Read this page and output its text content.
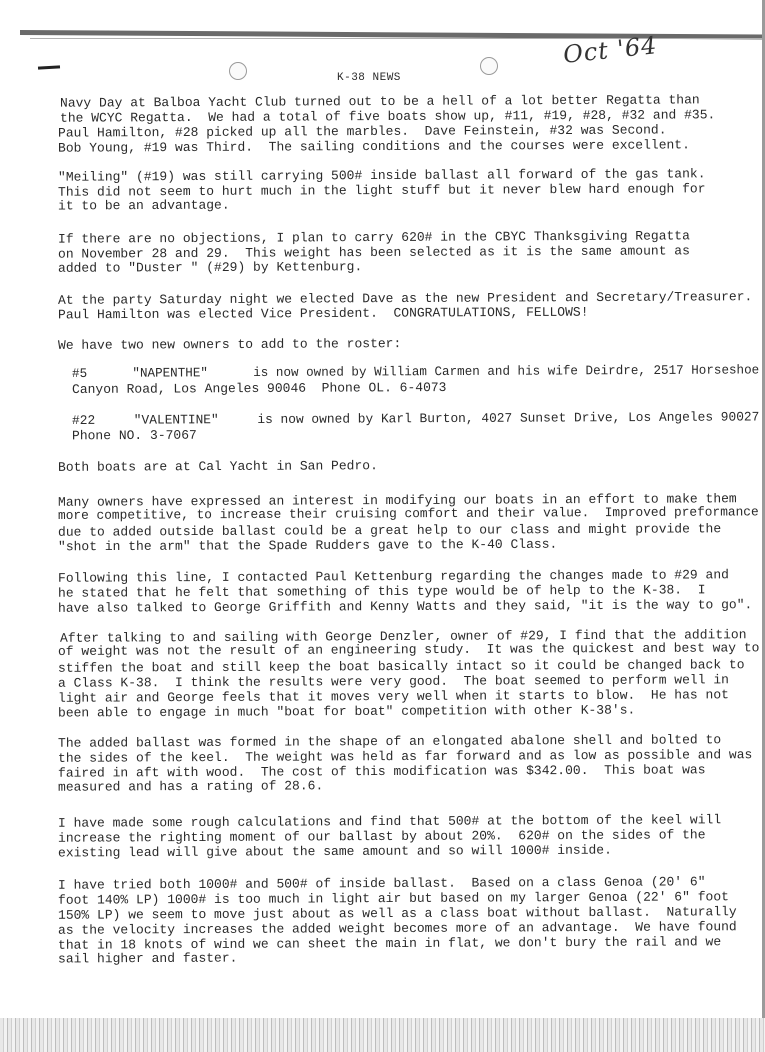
Oct '64
K-38 NEWS
Navy Day at Balboa Yacht Club turned out to be a hell of a lot better Regatta than
the WCYC Regatta.  We had a total of five boats show up, #11, #19, #28, #32 and #35.
Paul Hamilton, #28 picked up all the marbles.  Dave Feinstein, #32 was Second.
Bob Young, #19 was Third.  The sailing conditions and the courses were excellent.
"Meiling" (#19) was still carrying 500# inside ballast all forward of the gas tank.
This did not seem to hurt much in the light stuff but it never blew hard enough for
it to be an advantage.
If there are no objections, I plan to carry 620# in the CBYC Thanksgiving Regatta
on November 28 and 29.  This weight has been selected as it is the same amount as
added to "Duster " (#29) by Kettenburg.
At the party Saturday night we elected Dave as the new President and Secretary/Treasurer.
Paul Hamilton was elected Vice President.  CONGRATULATIONS, FELLOWS!
We have two new owners to add to the roster:
#5      "NAPENTHE"      is now owned by William Carmen and his wife Deirdre, 2517 Horseshoe
Canyon Road, Los Angeles 90046  Phone OL. 6-4073
#22     "VALENTINE"     is now owned by Karl Burton, 4027 Sunset Drive, Los Angeles 90027
Phone NO. 3-7067
Both boats are at Cal Yacht in San Pedro.
Many owners have expressed an interest in modifying our boats in an effort to make them
more competitive, to increase their cruising comfort and their value.  Improved preformance
due to added outside ballast could be a great help to our class and might provide the
"shot in the arm" that the Spade Rudders gave to the K-40 Class.
Following this line, I contacted Paul Kettenburg regarding the changes made to #29 and
he stated that he felt that something of this type would be of help to the K-38.  I
have also talked to George Griffith and Kenny Watts and they said, "it is the way to go".
After talking to and sailing with George Denzler, owner of #29, I find that the addition
of weight was not the result of an engineering study.  It was the quickest and best way to
stiffen the boat and still keep the boat basically intact so it could be changed back to
a Class K-38.  I think the results were very good.  The boat seemed to perform well in
light air and George feels that it moves very well when it starts to blow.  He has not
been able to engage in much "boat for boat" competition with other K-38's.
The added ballast was formed in the shape of an elongated abalone shell and bolted to
the sides of the keel.  The weight was held as far forward and as low as possible and was
faired in aft with wood.  The cost of this modification was $342.00.  This boat was
measured and has a rating of 28.6.
I have made some rough calculations and find that 500# at the bottom of the keel will
increase the righting moment of our ballast by about 20%.  620# on the sides of the
existing lead will give about the same amount and so will 1000# inside.
I have tried both 1000# and 500# of inside ballast.  Based on a class Genoa (20' 6"
foot 140% LP) 1000# is too much in light air but based on my larger Genoa (22' 6" foot
150% LP) we seem to move just about as well as a class boat without ballast.  Naturally
as the velocity increases the added weight becomes more of an advantage.  We have found
that in 18 knots of wind we can sheet the main in flat, we don't bury the rail and we
sail higher and faster.
